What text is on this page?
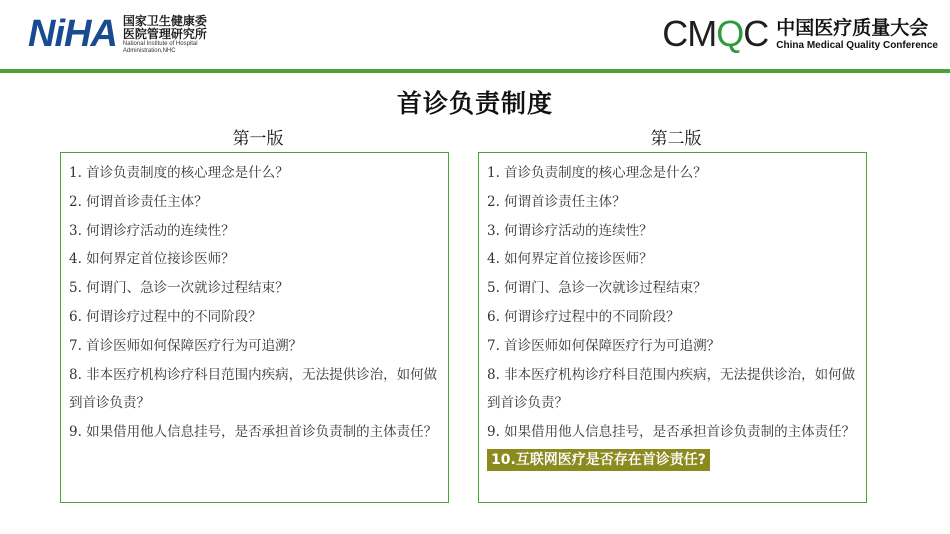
NiHA 国家卫生健康委
医院管理研究所
National Institute of Hospital
Administration,NHC	CMQC 中国医疗质量大会
China Medical Quality Conference
首诊负责制度
第一版	第二版
1. 首诊负责制度的核心理念是什么？
2. 何谓首诊责任主体？
3. 何谓诊疗活动的连续性？
4. 如何界定首位接诊医师？
5. 何谓门、急诊一次就诊过程结束？
6. 何谓诊疗过程中的不同阶段？
7. 首诊医师如何保障医疗行为可追溯？
8. 非本医疗机构诊疗科目范围内疾病，无法提供诊治，如何做到首诊负责？
9. 如果借用他人信息挂号，是否承担首诊负责制的主体责任？
1. 首诊负责制度的核心理念是什么？
2. 何谓首诊责任主体？
3. 何谓诊疗活动的连续性？
4. 如何界定首位接诊医师？
5. 何谓门、急诊一次就诊过程结束？
6. 何谓诊疗过程中的不同阶段？
7. 首诊医师如何保障医疗行为可追溯？
8. 非本医疗机构诊疗科目范围内疾病，无法提供诊治，如何做到首诊负责？
9. 如果借用他人信息挂号，是否承担首诊负责制的主体责任？
10.互联网医疗是否存在首诊责任?
